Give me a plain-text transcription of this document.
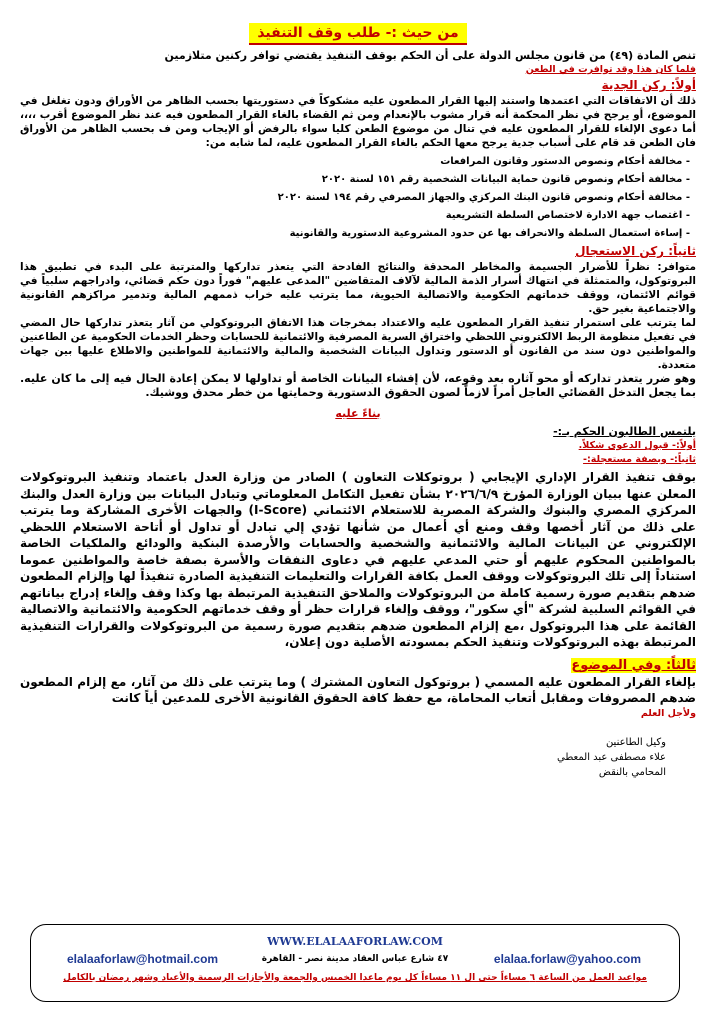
من حيث :- طلب وقف التنفيذ

تنص المادة (٤٩) من قانون مجلس الدولة على أن الحكم بوقف التنفيذ يقتضي توافر ركنين متلازمين

فلما كان هذا وقد توافرت في الطعن

أولاً: ركن الجدية

ذلك أن الاتفاقات التي اعتمدها واستند إليها القرار المطعون عليه مشكوكاً في دستوريتها بحسب الظاهر من الأوراق ودون تغلغل في الموضوع، أو يرجح في نظر المحكمة أنه قرار مشوب بالإنعدام ومن ثم القضاء بالغاء القرار المطعون فيه عند نظر الموضوع أقرب ،،،، أما دعوى الإلغاء للقرار المطعون عليه في تنال من موضوع الطعن كليا سواء بالرفض أو الإيجاب ومن ف بحسب الظاهر من الأوراق فان الطعن قد قام على أسباب جدية يرجح معها الحكم بالغاء القرار المطعون عليه، لما شابه من:

- مخالفة أحكام ونصوص الدستور وقانون المرافعات
- مخالفة أحكام ونصوص قانون حماية البيانات الشخصية رقم ١٥١ لسنة ٢٠٢٠
- مخالفة أحكام ونصوص قانون البنك المركزي والجهاز المصرفي رقم ١٩٤ لسنة ٢٠٢٠
- اغتصاب جهة الادارة لاختصاص السلطة التشريعية
- إساءة استعمال السلطة والانحراف بها عن حدود المشروعية الدستورية والقانونية
ثانياً: ركن الاستعجال

متوافر: نظراً للأضرار الجسيمة والمخاطر المحدقة والنتائج الفادحة التي يتعذر تداركها والمترتبة على البدء في تطبيق هذا البروتوكول، والمتمثلة في انتهاك أسرار الذمة المالية لآلاف المتقاضين "المدعى عليهم" فوراً دون حكم قضائي، وادراجهم سلبياً في قوائم الائتمان، ووقف خدماتهم الحكومية والاتصالية الحيوية، مما يترتب عليه خراب ذممهم المالية وتدمير مراكزهم القانونية والاجتماعية بغير حق.

لما يترتب على استمرار تنفيذ القرار المطعون عليه والاعتداد بمخرجات هذا الاتفاق البروتوكولي من آثار يتعذر تداركها حال المضي في تفعيل منظومة الربط الالكتروني اللحظي واختراق السرية المصرفية والائتمانية للحسابات وحظر الخدمات الحكومية عن الطاعنين والمواطنين دون سند من القانون أو الدستور وتداول البيانات الشخصية والمالية والائتمانية للمواطنين والاطلاع عليها بين جهات متعددة.

وهو ضرر يتعذر تداركه أو محو آثاره بعد وقوعه، لأن إفشاء البيانات الخاصة أو تداولها لا يمكن إعادة الحال فيه إلى ما كان عليه. بما يجعل التدخل القضائي العاجل أمراً لازماً لصون الحقوق الدستورية وحمايتها من خطر محدق ووشيك.

بناءً عليه

يلتمس الطالبون الحكم بـ:-

أولاً:- قبول الدعوى شكلاً.

ثانياً:- وبصفة مستعجلة:-

بوقف تنفيذ القرار الإداري الإيجابي ( بروتوكلات التعاون ) الصادر من وزارة العدل باعتماد وتنفيذ البروتوكولات المعلن عنها ببيان الوزارة المؤرخ ٢٠٢٦/٦/٩ بشأن تفعيل التكامل المعلوماتي وتبادل البيانات بين وزارة العدل والبنك المركزي المصري والبنوك والشركة المصرية للاستعلام الائتماني (I-Score) والجهات الأخرى المشاركة وما يترتب على ذلك من آثار أخصها وقف ومنع أي أعمال من شأنها تؤدي إلي تبادل أو تداول أو أتاحة الاستعلام اللحظي الإلكتروني عن البيانات المالية والائتمانية والشخصية والحسابات والأرصدة البنكية والودائع والملكيات الخاصة بالمواطنين المحكوم عليهم أو حتي المدعي عليهم في دعاوى النفقات والأسرة بصفة خاصة والمواطنين عموما استناداً إلى تلك البروتوكولات ووقف العمل بكافة القرارات والتعليمات التنفيذية الصادرة تنفيذاً لها وإلزام المطعون ضدهم بتقديم صورة رسمية كاملة من البروتوكولات والملاحق التنفيذية المرتبطة بها وكذا وقف وإلغاء إدراج بياناتهم في القوائم السلبية لشركة "أي سكور"، ووقف وإلغاء قرارات حظر أو وقف خدماتهم الحكومية والائتمانية والاتصالية القائمة على هذا البروتوكول ،مع إلزام المطعون ضدهم بتقديم صورة رسمية من البروتوكولات والقرارات التنفيذية المرتبطة بهذه البروتوكولات وتنفيذ الحكم بمسودته الأصلية دون إعلان،

ثالثاً: وفي الموضوع

بإلغاء القرار المطعون عليه المسمي ( بروتوكول التعاون المشترك ) وما يترتب على ذلك من آثار، مع إلزام المطعون ضدهم المصروفات ومقابل أتعاب المحاماة، مع حفظ كافة الحقوق القانونية الأخرى للمدعين أياً كانت

ولأجل العلم

وكيل الطاعنين
علاء مصطفى عبد المعطي
المحامي بالنقض
WWW.ELALAAFORLAW.COM
elalaaforlaw@hotmail.com	٤٧ شارع عباس العقاد مدينة نصر - القاهرة	elalaa.forlaw@yahoo.com
مواعيد العمل من الساعة ٦ مساءاً حتى ال ١١ مساءاً كل يوم ماعدا الخميس والجمعة والأجازات الرسمية والأعياد وشهر رمضان بالكامل
